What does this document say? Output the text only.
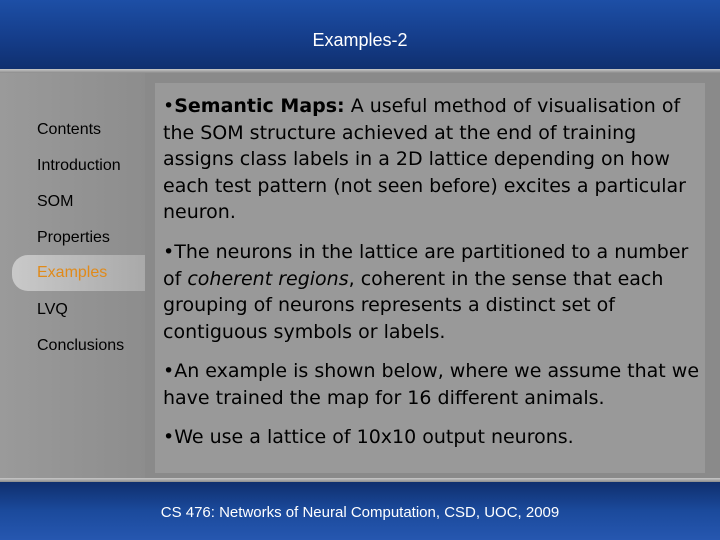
Examples-2
Contents
Introduction
SOM
Properties
Examples
LVQ
Conclusions
•Semantic Maps: A useful method of visualisation of the SOM structure achieved at the end of training assigns class labels in a 2D lattice depending on how each test pattern (not seen before) excites a particular neuron.
•The neurons in the lattice are partitioned to a number of coherent regions, coherent in the sense that each grouping of neurons represents a distinct set of contiguous symbols or labels.
•An example is shown below, where we assume that we have trained the map for 16 different animals.
•We use a lattice of 10x10 output neurons.
CS 476: Networks of Neural Computation, CSD, UOC, 2009
